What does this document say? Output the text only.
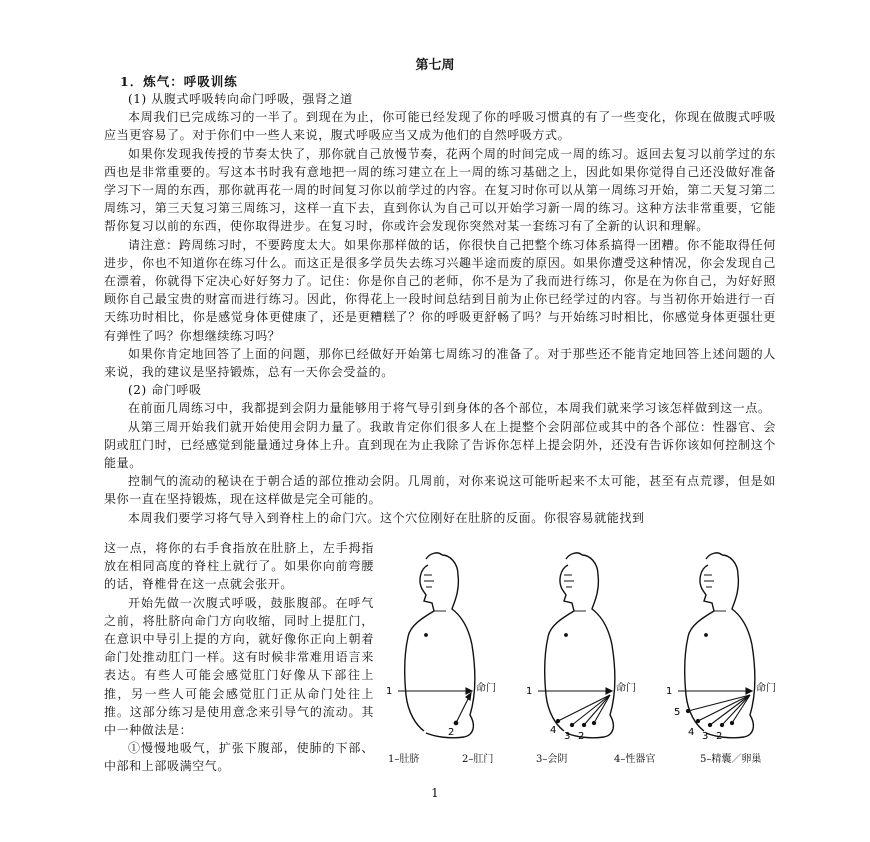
第七周
1．炼气：呼吸训练

(1) 从腹式呼吸转向命门呼吸，强肾之道

本周我们已完成练习的一半了。到现在为止，你可能已经发现了你的呼吸习惯真的有了一些变化，你现在做腹式呼吸应当更容易了。对于你们中一些人来说，腹式呼吸应当又成为他们的自然呼吸方式。

如果你发现我传授的节奏太快了，那你就自己放慢节奏，花两个周的时间完成一周的练习。返回去复习以前学过的东西也是非常重要的。写这本书时我有意地把一周的练习建立在上一周的练习基础之上，因此如果你觉得自己还没做好准备学习下一周的东西，那你就再花一周的时间复习你以前学过的内容。在复习时你可以从第一周练习开始，第二天复习第二周练习，第三天复习第三周练习，这样一直下去，直到你认为自己可以开始学习新一周的练习。这种方法非常重要，它能帮你复习以前的东西，使你取得进步。在复习时，你或许会发现你突然对某一套练习有了全新的认识和理解。

请注意：跨周练习时，不要跨度太大。如果你那样做的话，你很快自己把整个练习体系搞得一团糟。你不能取得任何进步，你也不知道你在练习什么。而这正是很多学员失去练习兴趣半途而废的原因。如果你遭受这种情况，你会发现自己在漂着，你就得下定决心好好努力了。记住：你是你自己的老师，你不是为了我而进行练习，你是在为你自己，为好好照顾你自己最宝贵的财富而进行练习。因此，你得花上一段时间总结到目前为止你已经学过的内容。与当初你开始进行一百天练功时相比，你是感觉身体更健康了，还是更糟糕了？你的呼吸更舒畅了吗？与开始练习时相比，你感觉身体更强壮更有弹性了吗？你想继续练习吗？

如果你肯定地回答了上面的问题，那你已经做好开始第七周练习的准备了。对于那些还不能肯定地回答上述问题的人来说，我的建议是坚持锻炼，总有一天你会受益的。

(2) 命门呼吸

在前面几周练习中，我都提到会阴力量能够用于将气导引到身体的各个部位，本周我们就来学习该怎样做到这一点。

从第三周开始我们就开始使用会阴力量了。我敢肯定你们很多人在上提整个会阴部位或其中的各个部位：性器官、会阴或肛门时，已经感觉到能量通过身体上升。直到现在为止我除了告诉你怎样上提会阴外，还没有告诉你该如何控制这个能量。

控制气的流动的秘诀在于朝合适的部位推动会阴。几周前，对你来说这可能听起来不太可能，甚至有点荒谬，但是如果你一直在坚持锻炼，现在这样做是完全可能的。

本周我们要学习将气导入到脊柱上的命门穴。这个穴位刚好在肚脐的反面。你很容易就能找到

这一点，将你的右手食指放在肚脐上，左手拇指放在相同高度的脊柱上就行了。如果你向前弯腰的话，脊椎骨在这一点就会张开。

开始先做一次腹式呼吸，鼓胀腹部。在呼气之前，将肚脐向命门方向收缩，同时上提肛门，在意识中导引上提的方向，就好像你正向上朝着命门处推动肛门一样。这有时候非常难用语言来表达。有些人可能会感觉肛门好像从下部往上推，另一些人可能会感觉肛门正从命门处往上推。这部分练习是使用意念来引导气的流动。其中一种做法是：

①慢慢地吸气，扩张下腹部，使肺的下部、中部和上部吸满空气。

1	命门
2
1	命门
4
3 2
1	命门
5
4 3 2
1–肚脐	2–肛门	3–会阴	4–性器官	5–精囊／卵巢
1
